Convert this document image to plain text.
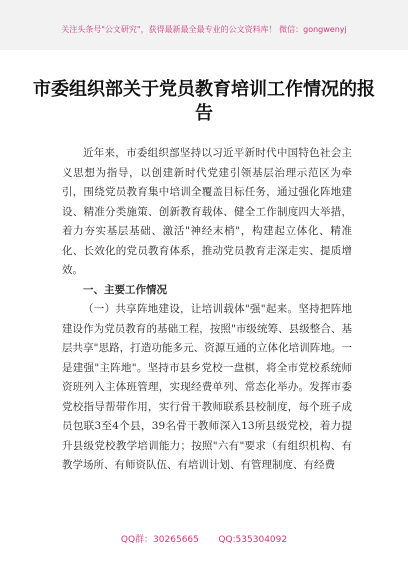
关注头条号"公文研究"，获得最新最全最专业的公文资料库！ 微信：gongwenyj
市委组织部关于党员教育培训工作情况的报告

近年来，市委组织部坚持以习近平新时代中国特色社会主义思想为指导，以创建新时代党建引领基层治理示范区为牵引，围绕党员教育集中培训全覆盖目标任务，通过强化阵地建设、精准分类施策、创新教育载体、健全工作制度四大举措，着力夯实基层基础、激活"神经末梢"，构建起立体化、精准化、长效化的党员教育体系，推动党员教育走深走实、提质增效。

一、主要工作情况

（一）共享阵地建设，让培训载体"强"起来。坚持把阵地建设作为党员教育的基础工程，按照"市级统筹、县级整合、基层共享"思路，打造功能多元、资源互通的立体化培训阵地。一是建强"主阵地"。坚持市县乡党校一盘棋，将全市党校系统师资班列入主体班管理，实现经费单列、常态化举办。发挥市委党校指导帮带作用，实行骨干教师联系县校制度，每个班子成员包联3至4个县，39名骨干教师深入13所县级党校，着力提升县级党校教学培训能力；按照"六有"要求（有组织机构、有教学场所、有师资队伍、有培训计划、有管理制度、有经费

QQ群：30265665 QQ:535304092
